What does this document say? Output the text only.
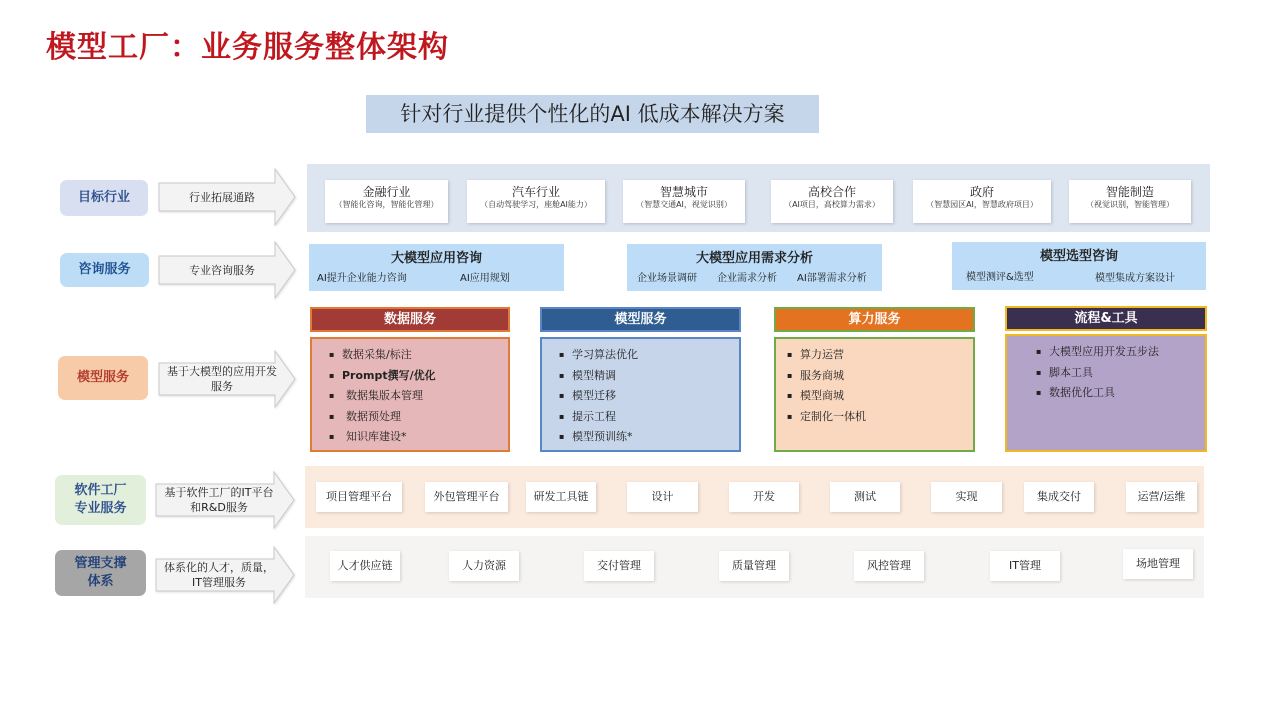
模型工厂：业务服务整体架构
针对行业提供个性化的AI 低成本解决方案
目标行业	行业拓展通路	金融行业
（智能化咨询，智能化管理）
汽车行业
（自动驾驶学习，座舱AI能力）
智慧城市
（智慧交通AI，视觉识别）
高校合作
（AI项目，高校算力需求）
政府
（智慧园区AI，智慧政府项目）
智能制造
（视觉识别，智能管理）
咨询服务	专业咨询服务
大模型应用咨询
AI提升企业能力咨询	AI应用规划
大模型应用需求分析
企业场景调研 企业需求分析 AI部署需求分析
模型选型咨询
模型测评&选型	模型集成方案设计
模型服务	基于大模型的应用开发
服务
数据服务
▪ 数据采集/标注
▪ Prompt撰写/优化
▪ 数据集版本管理
▪ 数据预处理
▪ 知识库建设*
模型服务
▪ 学习算法优化
▪ 模型精调
▪ 模型迁移
▪ 提示工程
▪ 模型预训练*
算力服务
▪ 算力运营
▪ 服务商城
▪ 模型商城
▪ 定制化一体机
流程&工具
▪ 大模型应用开发五步法
▪ 脚本工具
▪ 数据优化工具
软件工厂
专业服务
基于软件工厂的IT平台
和R&D服务
项目管理平台	外包管理平台	研发工具链	设计	开发	测试	实现	集成交付	运营/运维
管理支撑
体系
体系化的人才，质量，
IT管理服务
人才供应链	人力资源	交付管理	质量管理	风控管理	IT管理	场地管理
